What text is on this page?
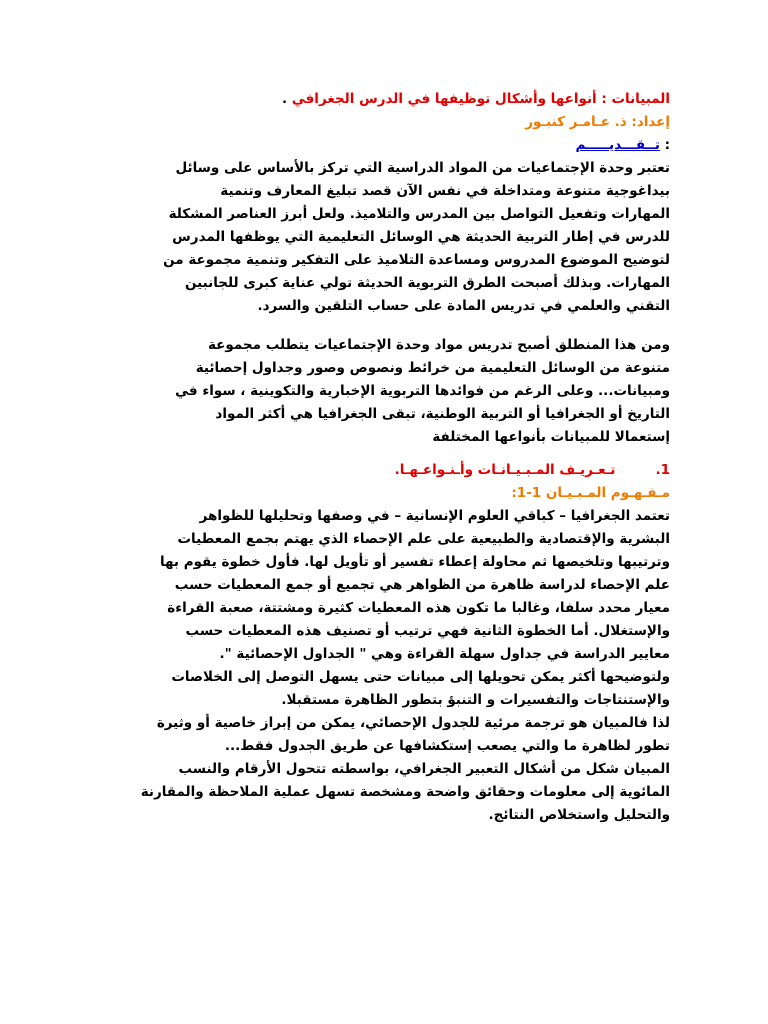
المبيانات : أنواعها وأشكال توظيفها في الدرس الجغرافي .
إعداد: ذ. عـامـر كنبـور
: تــقـــديـــــم
تعتبر وحدة الإجتماعيات من المواد الدراسية التي تركز بالأساس على وسائل
بيداغوجية متنوعة ومتداخلة في نفس الآن قصد تبليغ المعارف وتنمية
المهارات وتفعيل التواصل بين المدرس والتلاميذ. ولعل أبرز العناصر المشكلة
للدرس في إطار التربية الحديثة هي الوسائل التعليمية التي يوظفها المدرس
لتوضيح الموضوع المدروس ومساعدة التلاميذ على التفكير وتنمية مجموعة من
المهارات. وبذلك أصبحت الطرق التربوية الحديثة تولي عناية كبرى للجانبين
التقني والعلمي في تدريس المادة على حساب التلقين والسرد.
ومن هذا المنطلق أصبح تدريس مواد وحدة الإجتماعيات يتطلب مجموعة
متنوعة من الوسائل التعليمية من خرائط ونصوص وصور وجداول إحصائية
ومبيانات... وعلى الرغم من فوائدها التربوية الإخبارية والتكوينية ، سواء في
التاريخ أو الجغرافيا أو التربية الوطنية، تبقى الجغرافيا هي أكثر المواد
إستعمالا للمبيانات بأنواعها المختلفة
1.تـعـريـف المـبـيـانـات وأـنـواعـهـا.
مـفـهـوم المـبـيـان 1-1:
تعتمد الجغرافيا – كباقي العلوم الإنسانية – في وصفها وتحليلها للظواهر
البشرية والإقتصادية والطبيعية على علم الإحصاء الذي يهتم بجمع المعطيات
وترتيبها وتلخيصها ثم محاولة إعطاء تفسير أو تأويل لها. فأول خطوة يقوم بها
علم الإحصاء لدراسة ظاهرة من الظواهر هي تجميع أو جمع المعطيات حسب
معيار محدد سلفا، وغالبا ما تكون هذه المعطيات كثيرة ومشتتة، صعبة القراءة
والإستغلال. أما الخطوة الثانية فهي ترتيب أو تصنيف هذه المعطيات حسب
معايير الدراسة في جداول سهلة القراءة وهي " الجداول الإحصائية ".
ولتوضيحها أكثر يمكن تحويلها إلى مبيانات حتى يسهل التوصل إلى الخلاصات
والإستنتاجات والتفسيرات و التنبؤ بتطور الظاهرة مستقبلا.
لذا فالمبيان هو ترجمة مرئية للجدول الإحصائي، يمكن من إبراز خاصية أو وثيرة
تطور لظاهرة ما والتي يصعب إستكشافها عن طريق الجدول فقط...
المبيان شكل من أشكال التعبير الجغرافي، بواسطته تتحول الأرقام والنسب
المائوية إلى معلومات وحقائق واضحة ومشخصة تسهل عملية الملاحظة والمقارنة
والتحليل واستخلاص النتائج.
